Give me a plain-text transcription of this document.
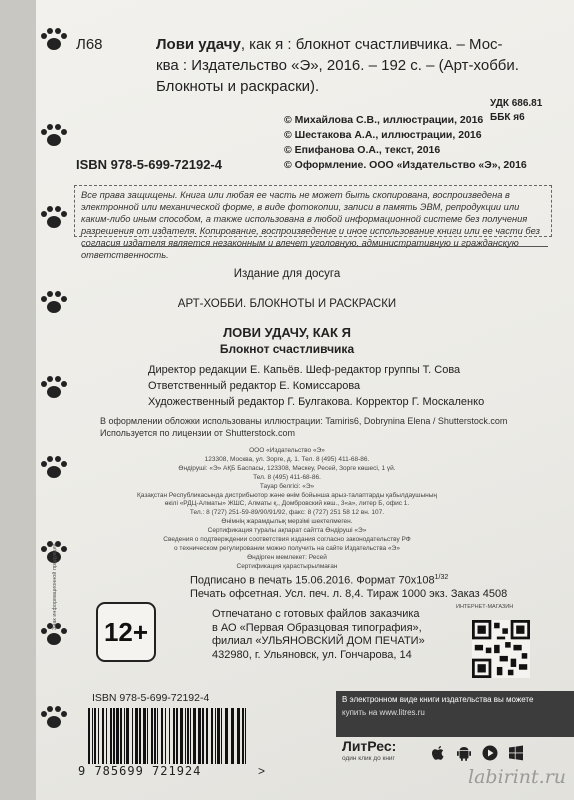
Л68	Лови удачу, как я : блокнот счастливчика. – Мос-
ква : Издательство «Э», 2016. – 192 с. – (Арт-хобби.
Блокноты и раскраски).
УДК 686.81
ББК я6
© Михайлова С.В., иллюстрации, 2016
© Шестакова А.А., иллюстрации, 2016
© Епифанова О.А., текст, 2016
© Оформление. ООО «Издательство «Э», 2016
ISBN 978-5-699-72192-4

Все права защищены. Книга или любая ее часть не может быть скопирована, воспроизведена в электронной или механической форме, в виде фотокопии, записи в память ЭВМ, репродукции или каким-либо иным способом, а также использована в любой информационной системе без получения разрешения от издателя. Копирование, воспроизведение и иное использование книги или ее части без согласия издателя является незаконным и влечет уголовную, административную и гражданскую ответственность.

Издание для досуга
АРТ-ХОББИ. БЛОКНОТЫ И РАСКРАСКИ
ЛОВИ УДАЧУ, КАК Я
Блокнот счастливчика
Директор редакции Е. Капьёв. Шеф-редактор группы Т. Сова
Ответственный редактор Е. Комиссарова
Художественный редактор Г. Булгакова. Корректор Г. Москаленко
В оформлении обложки использованы иллюстрации: Tamiris6, Dobrynina Elena / Shutterstock.com
Используется по лицензии от Shutterstock.com
ООО «Издательство «Э»
123308, Москва, ул. Зорге, д. 1. Тел. 8 (495) 411-68-86.
Өндіруші: «Э» АҚБ Баспасы, 123308, Мәскеу, Ресей, Зорге көшесі, 1 үй.
Тел. 8 (495) 411-68-86.
Тауар белгісі: «Э»
Қазақстан Республикасында дистрибьютор және өнім бойынша арыз-талаптарды қабылдаушының
өкілі «РДЦ-Алматы» ЖШС, Алматы қ., Домбровский көш., 3«а», литер Б, офис 1.
Тел.: 8 (727) 251-59-89/90/91/92, факс: 8 (727) 251 58 12 вн. 107.
Өнімнің жарамдылық мерзімі шектелмеген.
Сертификация туралы ақпарат сайтта Өндіруші «Э»
Сведения о подтверждении соответствия издания согласно законодательству РФ
о техническом регулировании можно получить на сайте Издательства «Э»
Өндірген мемлекет: Ресей
Сертификация қарастырылмаған
Подписано в печать 15.06.2016. Формат $70x108^{1/32}$
Печать офсетная. Усл. печ. л. 8,4. Тираж 1000 экз. Заказ 4508
Отпечатано с готовых файлов заказчика
в АО «Первая Образцовая типография»,
филиал «УЛЬЯНОВСКИЙ ДОМ ПЕЧАТИ»
432980, г. Ульяновск, ул. Гончарова, 14
Знак информационной продукции
12+
ИНТЕРНЕТ-МАГАЗИН
ISBN 978-5-699-72192-4
9 785699 721924	>
В электронном виде книги издательства вы можете
купить на www.litres.ru
ЛитРес:
один клик до книг
labirint.ru
